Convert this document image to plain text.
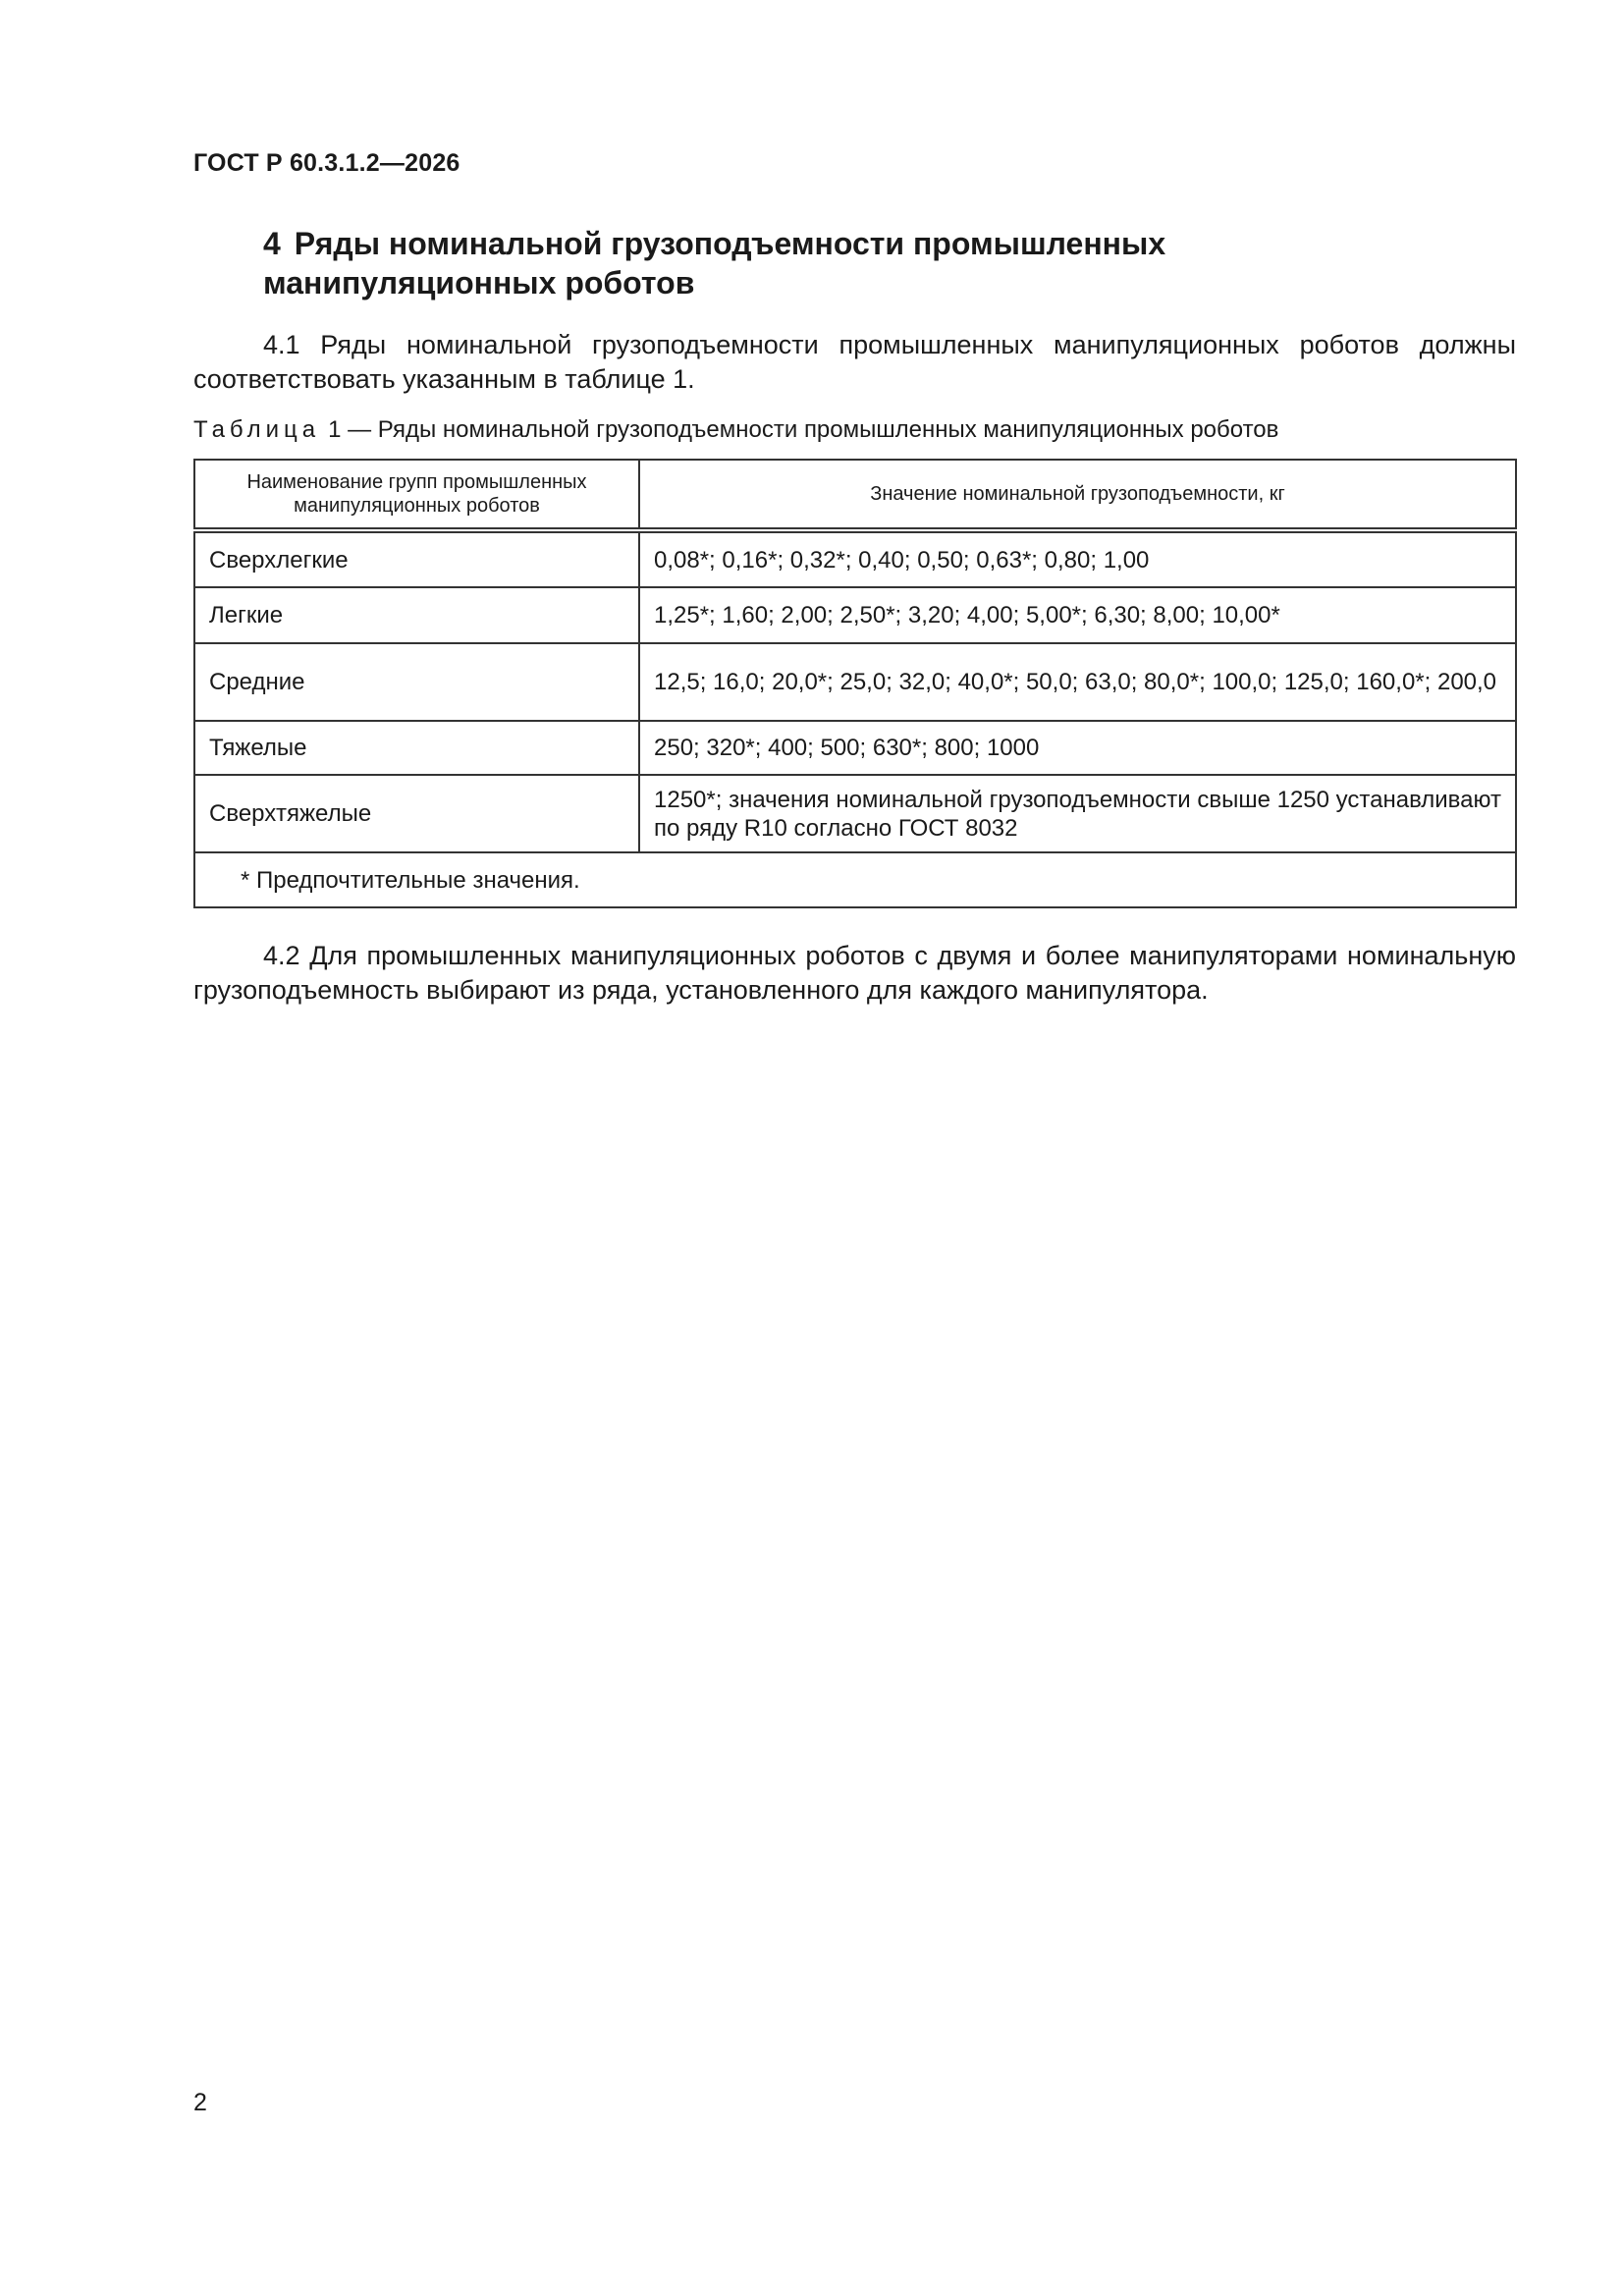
ГОСТ Р 60.3.1.2—2026
4 Ряды номинальной грузоподъемности промышленных манипуляционных роботов
4.1 Ряды номинальной грузоподъемности промышленных манипуляционных роботов должны соответствовать указанным в таблице 1.
Таблица 1 — Ряды номинальной грузоподъемности промышленных манипуляционных роботов
Наименование групп промышленных манипуляционных роботов	Значение номинальной грузоподъемности, кг
Сверхлегкие	0,08*; 0,16*; 0,32*; 0,40; 0,50; 0,63*; 0,80; 1,00
Легкие	1,25*; 1,60; 2,00; 2,50*; 3,20; 4,00; 5,00*; 6,30; 8,00; 10,00*
Средние	12,5; 16,0; 20,0*; 25,0; 32,0; 40,0*; 50,0; 63,0; 80,0*; 100,0; 125,0; 160,0*; 200,0
Тяжелые	250; 320*; 400; 500; 630*; 800; 1000
Сверхтяжелые	1250*; значения номинальной грузоподъемности свыше 1250 устанавливают по ряду R10 согласно ГОСТ 8032
* Предпочтительные значения.	
4.2 Для промышленных манипуляционных роботов с двумя и более манипуляторами номинальную грузоподъемность выбирают из ряда, установленного для каждого манипулятора.
2
